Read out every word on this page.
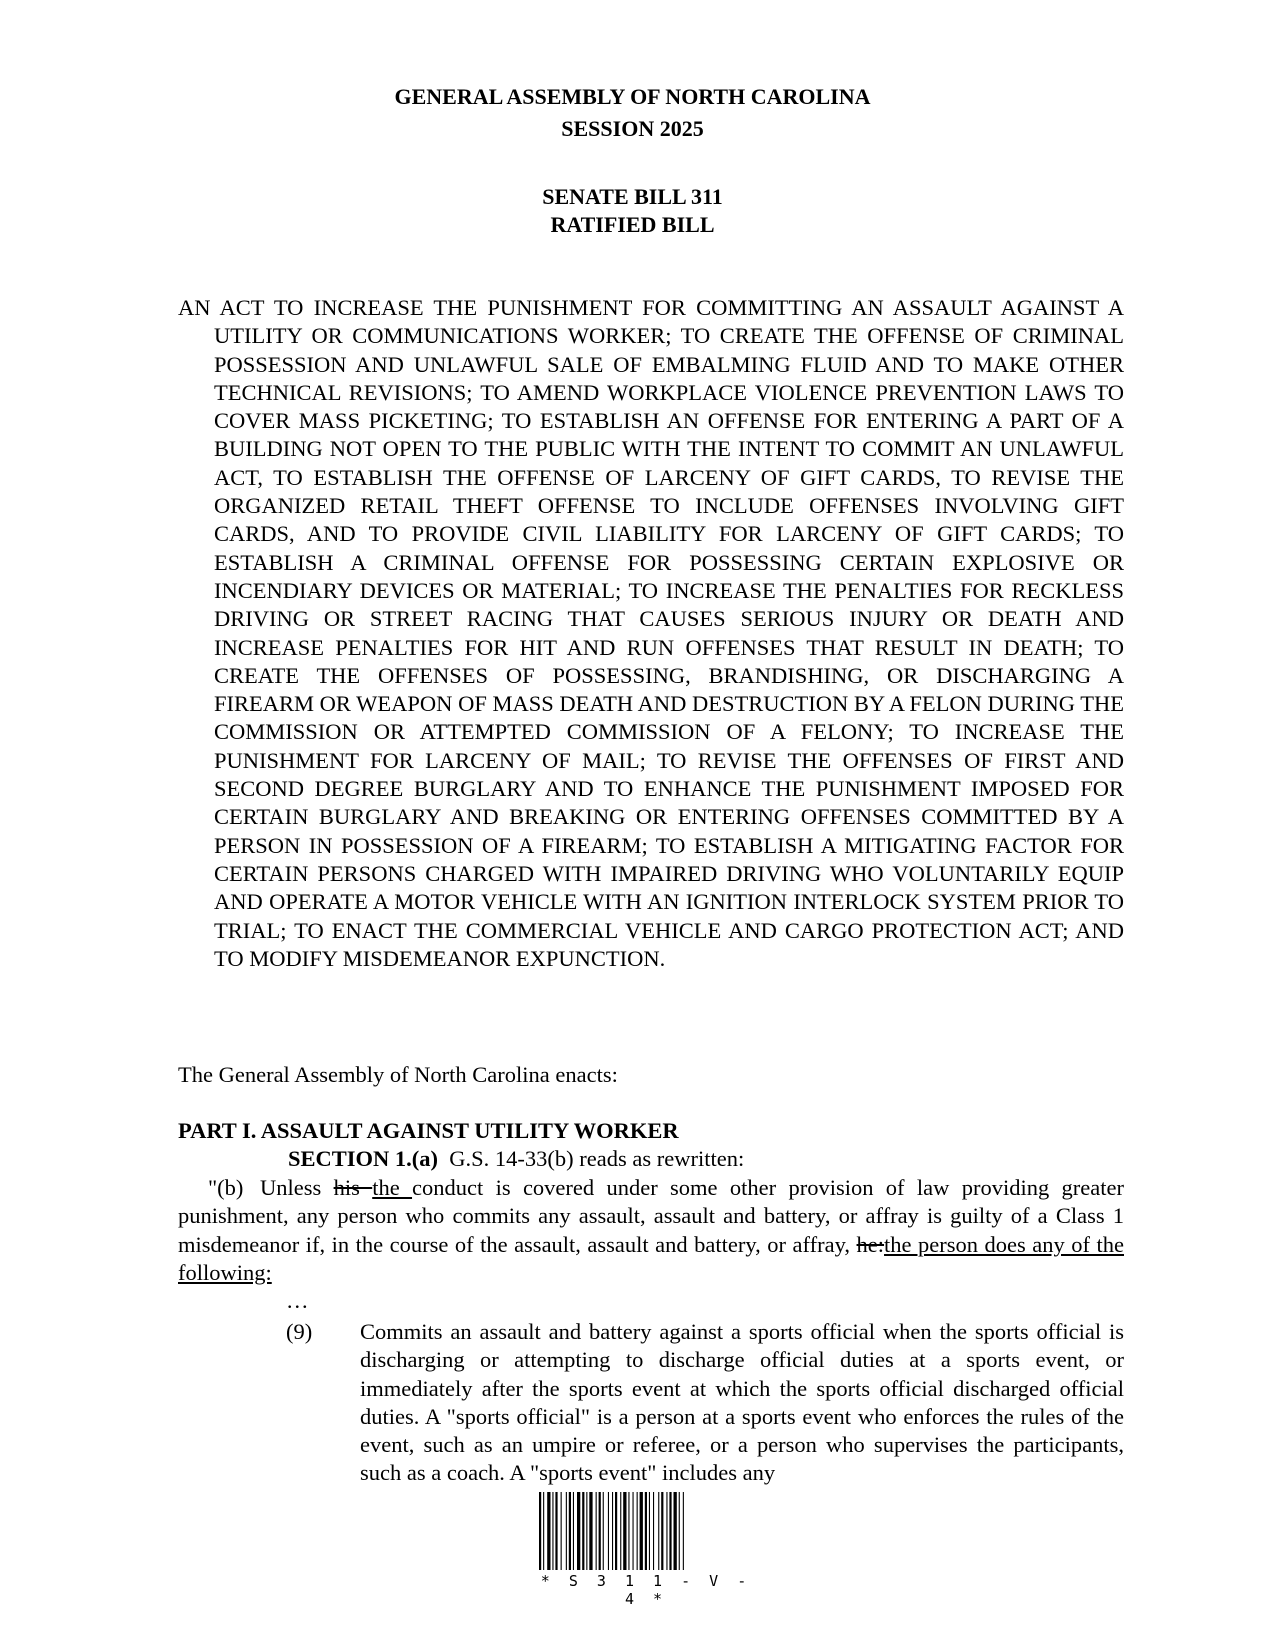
GENERAL ASSEMBLY OF NORTH CAROLINA
SESSION 2025
SENATE BILL 311
RATIFIED BILL
AN ACT TO INCREASE THE PUNISHMENT FOR COMMITTING AN ASSAULT AGAINST A UTILITY OR COMMUNICATIONS WORKER; TO CREATE THE OFFENSE OF CRIMINAL POSSESSION AND UNLAWFUL SALE OF EMBALMING FLUID AND TO MAKE OTHER TECHNICAL REVISIONS; TO AMEND WORKPLACE VIOLENCE PREVENTION LAWS TO COVER MASS PICKETING; TO ESTABLISH AN OFFENSE FOR ENTERING A PART OF A BUILDING NOT OPEN TO THE PUBLIC WITH THE INTENT TO COMMIT AN UNLAWFUL ACT, TO ESTABLISH THE OFFENSE OF LARCENY OF GIFT CARDS, TO REVISE THE ORGANIZED RETAIL THEFT OFFENSE TO INCLUDE OFFENSES INVOLVING GIFT CARDS, AND TO PROVIDE CIVIL LIABILITY FOR LARCENY OF GIFT CARDS; TO ESTABLISH A CRIMINAL OFFENSE FOR POSSESSING CERTAIN EXPLOSIVE OR INCENDIARY DEVICES OR MATERIAL; TO INCREASE THE PENALTIES FOR RECKLESS DRIVING OR STREET RACING THAT CAUSES SERIOUS INJURY OR DEATH AND INCREASE PENALTIES FOR HIT AND RUN OFFENSES THAT RESULT IN DEATH; TO CREATE THE OFFENSES OF POSSESSING, BRANDISHING, OR DISCHARGING A FIREARM OR WEAPON OF MASS DEATH AND DESTRUCTION BY A FELON DURING THE COMMISSION OR ATTEMPTED COMMISSION OF A FELONY; TO INCREASE THE PUNISHMENT FOR LARCENY OF MAIL; TO REVISE THE OFFENSES OF FIRST AND SECOND DEGREE BURGLARY AND TO ENHANCE THE PUNISHMENT IMPOSED FOR CERTAIN BURGLARY AND BREAKING OR ENTERING OFFENSES COMMITTED BY A PERSON IN POSSESSION OF A FIREARM; TO ESTABLISH A MITIGATING FACTOR FOR CERTAIN PERSONS CHARGED WITH IMPAIRED DRIVING WHO VOLUNTARILY EQUIP AND OPERATE A MOTOR VEHICLE WITH AN IGNITION INTERLOCK SYSTEM PRIOR TO TRIAL; TO ENACT THE COMMERCIAL VEHICLE AND CARGO PROTECTION ACT; AND TO MODIFY MISDEMEANOR EXPUNCTION.
The General Assembly of North Carolina enacts:
PART I. ASSAULT AGAINST UTILITY WORKER
SECTION 1.(a) G.S. 14-33(b) reads as rewritten:
"(b) Unless his the conduct is covered under some other provision of law providing greater punishment, any person who commits any assault, assault and battery, or affray is guilty of a Class 1 misdemeanor if, in the course of the assault, assault and battery, or affray, he:the person does any of the following:
…
(9) Commits an assault and battery against a sports official when the sports official is discharging or attempting to discharge official duties at a sports event, or immediately after the sports event at which the sports official discharged official duties. A "sports official" is a person at a sports event who enforces the rules of the event, such as an umpire or referee, or a person who supervises the participants, such as a coach. A "sports event" includes any
* S 3 1 1 - V - 4 *
